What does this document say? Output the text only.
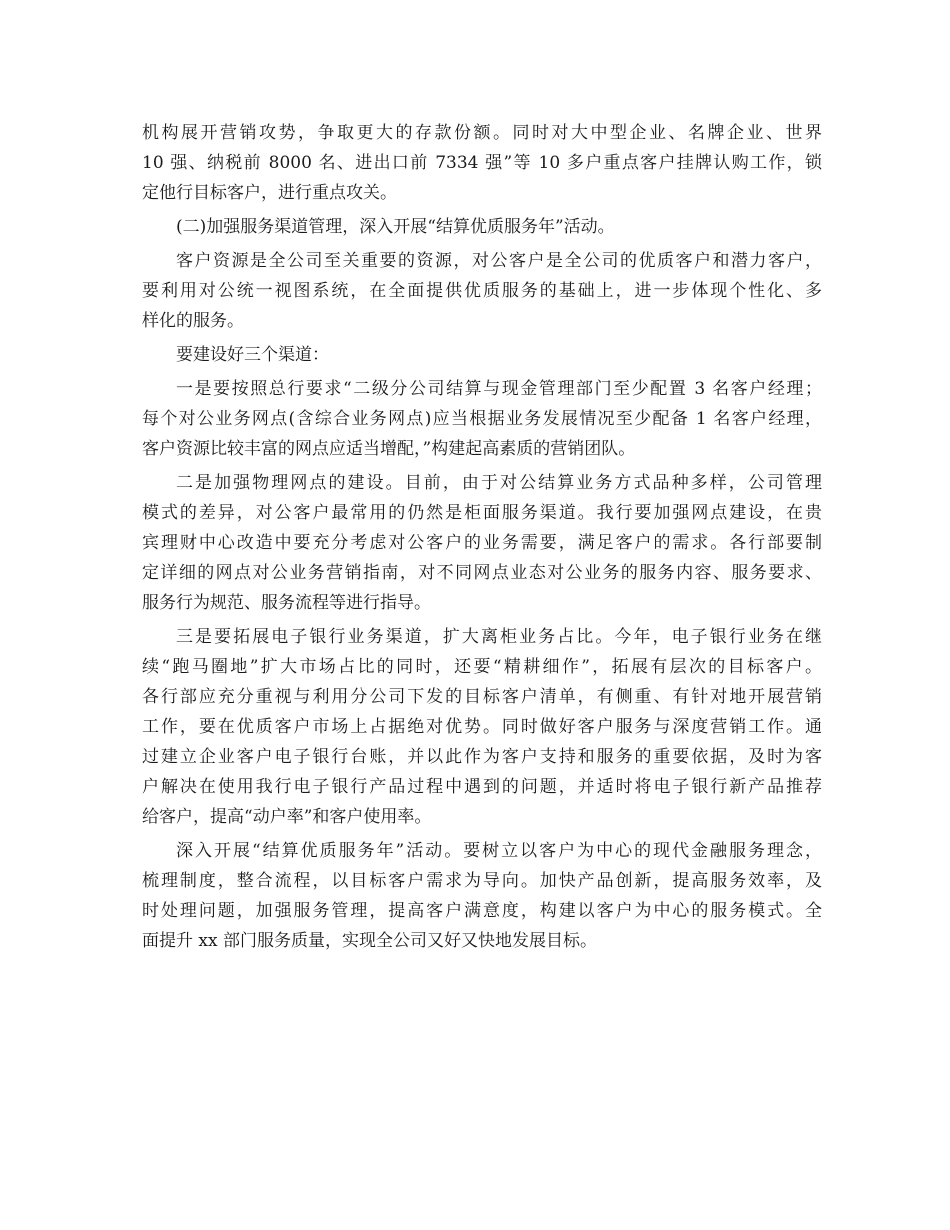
机构展开营销攻势，争取更大的存款份额。同时对大中型企业、名牌企业、世界
10 强、纳税前 8000 名、进出口前 7334 强”等 10 多户重点客户挂牌认购工作，锁
定他行目标客户，进行重点攻关。
(二)加强服务渠道管理，深入开展“结算优质服务年”活动。
客户资源是全公司至关重要的资源，对公客户是全公司的优质客户和潜力客户，
要利用对公统一视图系统，在全面提供优质服务的基础上，进一步体现个性化、多
样化的服务。
要建设好三个渠道：
一是要按照总行要求“二级分公司结算与现金管理部门至少配置 3 名客户经理；
每个对公业务网点(含综合业务网点)应当根据业务发展情况至少配备 1 名客户经理，
客户资源比较丰富的网点应适当增配，”构建起高素质的营销团队。
二是加强物理网点的建设。目前，由于对公结算业务方式品种多样，公司管理
模式的差异，对公客户最常用的仍然是柜面服务渠道。我行要加强网点建设，在贵
宾理财中心改造中要充分考虑对公客户的业务需要，满足客户的需求。各行部要制
定详细的网点对公业务营销指南，对不同网点业态对公业务的服务内容、服务要求、
服务行为规范、服务流程等进行指导。
三是要拓展电子银行业务渠道，扩大离柜业务占比。今年，电子银行业务在继
续“跑马圈地”扩大市场占比的同时，还要“精耕细作”，拓展有层次的目标客户。
各行部应充分重视与利用分公司下发的目标客户清单，有侧重、有针对地开展营销
工作，要在优质客户市场上占据绝对优势。同时做好客户服务与深度营销工作。通
过建立企业客户电子银行台账，并以此作为客户支持和服务的重要依据，及时为客
户解决在使用我行电子银行产品过程中遇到的问题，并适时将电子银行新产品推荐
给客户，提高“动户率”和客户使用率。
深入开展“结算优质服务年”活动。要树立以客户为中心的现代金融服务理念，
梳理制度，整合流程，以目标客户需求为导向。加快产品创新，提高服务效率，及
时处理问题，加强服务管理，提高客户满意度，构建以客户为中心的服务模式。全
面提升 xx 部门服务质量，实现全公司又好又快地发展目标。
